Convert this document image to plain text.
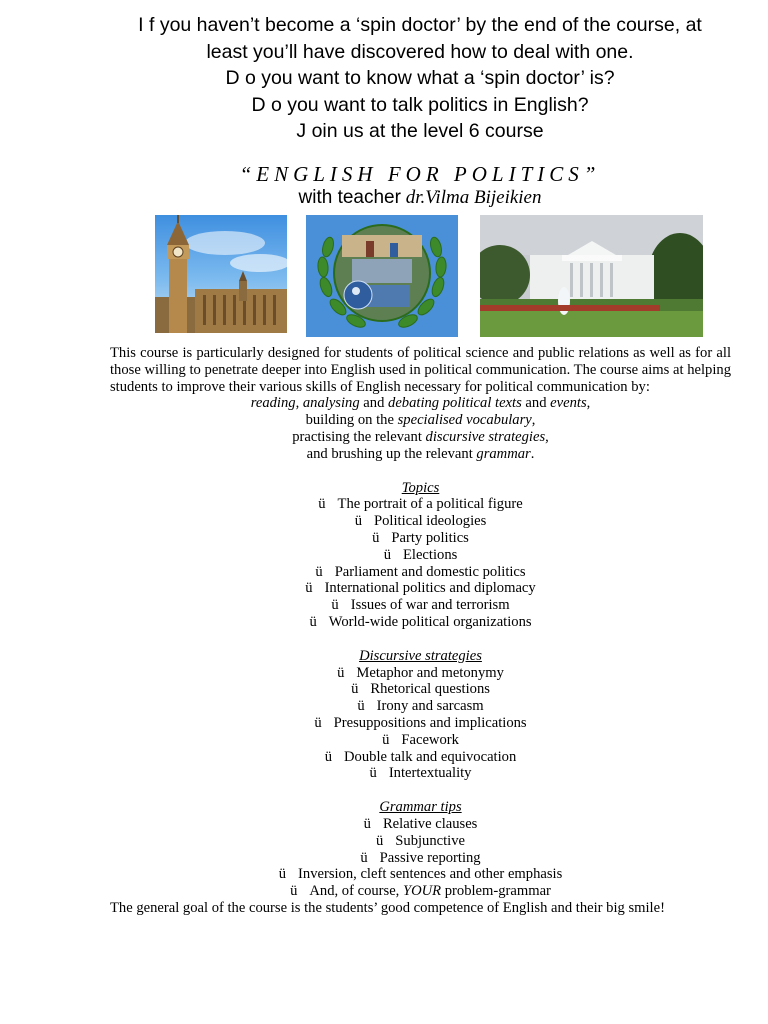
I f you haven’t become a ‘spin doctor’ by the end of the course, at
least you’ll have discovered how to deal with one.
D o you want to know what a ‘spin doctor’ is?
D o you want to talk politics in English?
J oin us at the level 6 course
“ENGLISH FOR POLITICS”
with teacher dr.Vilma Bijeikien
This course is particularly designed for students of political science and public relations as well as for all those willing to penetrate deeper into English used in political communication. The course aims at helping students to improve their various skills of English necessary for political communication by:
reading, analysing and debating political texts and events,
building on the specialised vocabulary,
practising the relevant discursive strategies,
and brushing up the relevant grammar.
Topics
ü The portrait of a political figure
ü Political ideologies
ü Party politics
ü Elections
ü Parliament and domestic politics
ü International politics and diplomacy
ü Issues of war and terrorism
ü World-wide political organizations
Discursive strategies
ü Metaphor and metonymy
ü Rhetorical questions
ü Irony and sarcasm
ü Presuppositions and implications
ü Facework
ü Double talk and equivocation
ü Intertextuality
Grammar tips
ü Relative clauses
ü Subjunctive
ü Passive reporting
ü Inversion, cleft sentences and other emphasis
ü And, of course, YOUR problem-grammar
The general goal of the course is the students’ good competence of English and their big smile!
